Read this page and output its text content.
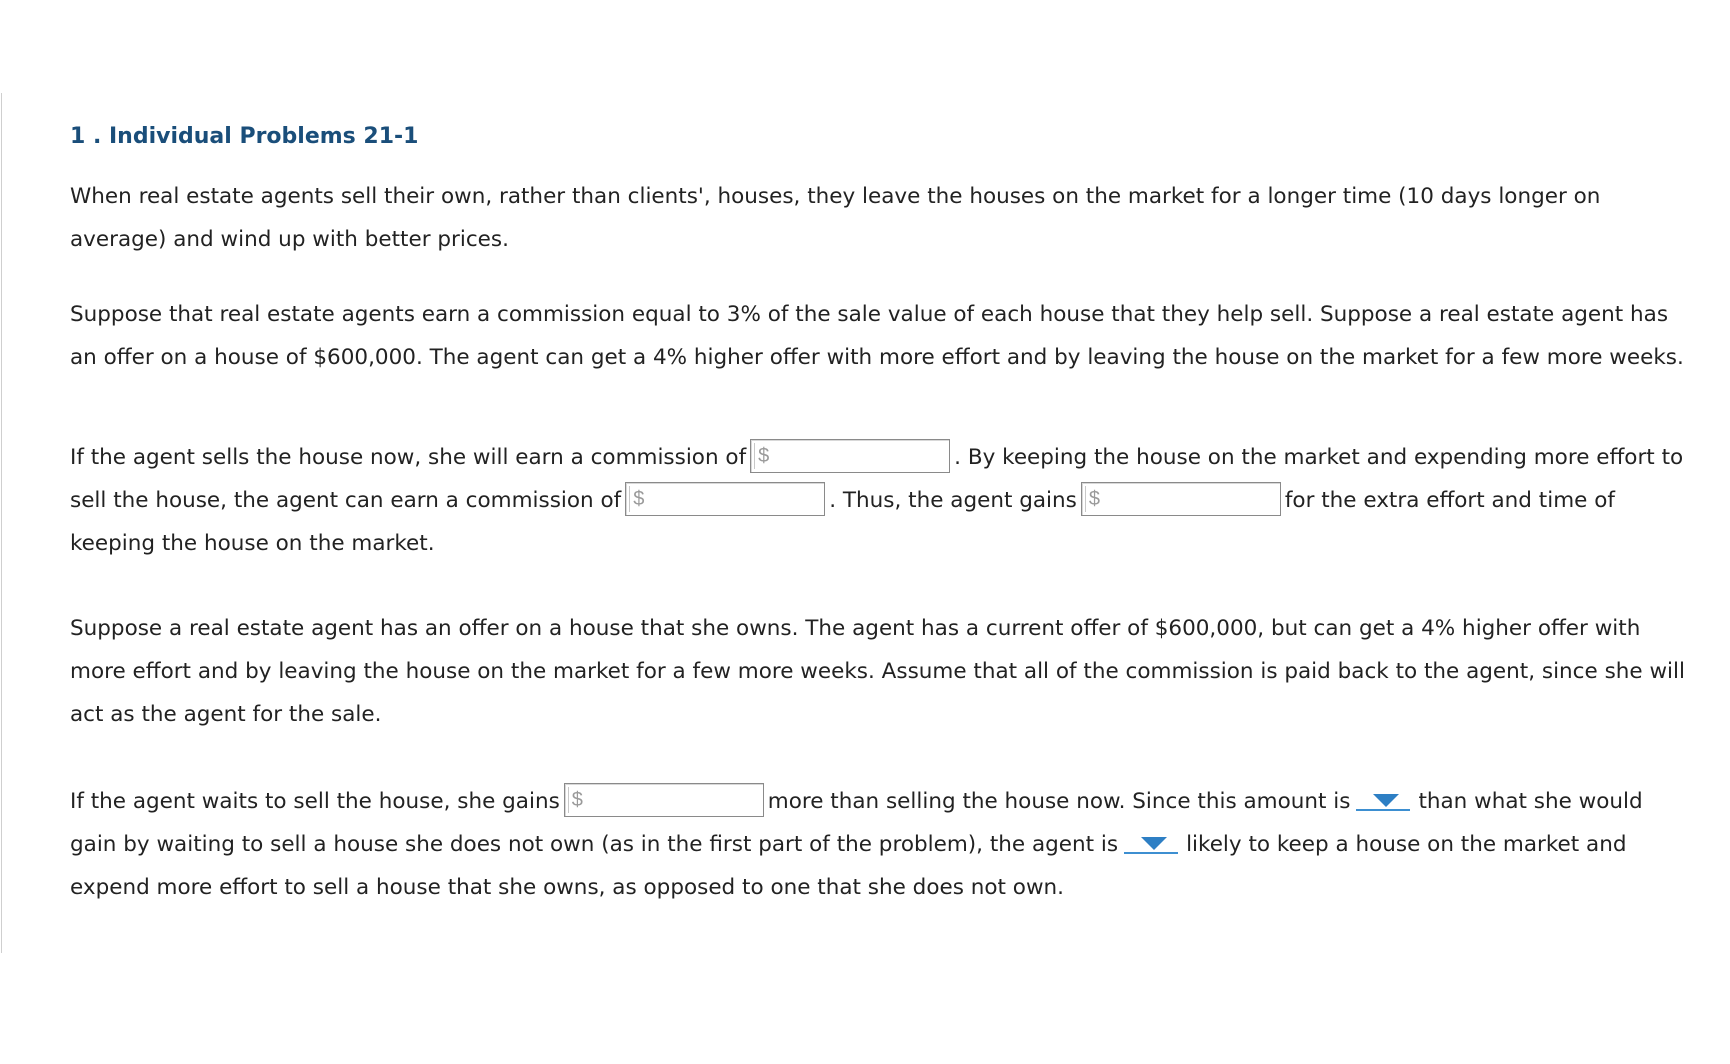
1 . Individual Problems 21-1
When real estate agents sell their own, rather than clients', houses, they leave the houses on the market for a longer time (10 days longer on
average) and wind up with better prices.
Suppose that real estate agents earn a commission equal to 3% of the sale value of each house that they help sell. Suppose a real estate agent has
an offer on a house of $600,000. The agent can get a 4% higher offer with more effort and by leaving the house on the market for a few more weeks.
If the agent sells the house now, she will earn a commission of $	. By keeping the house on the market and expending more effort to
sell the house, the agent can earn a commission of $	. Thus, the agent gains $	for the extra effort and time of
keeping the house on the market.
Suppose a real estate agent has an offer on a house that she owns. The agent has a current offer of $600,000, but can get a 4% higher offer with
more effort and by leaving the house on the market for a few more weeks. Assume that all of the commission is paid back to the agent, since she will
act as the agent for the sale.
If the agent waits to sell the house, she gains $	more than selling the house now. Since this amount is	than what she would
gain by waiting to sell a house she does not own (as in the first part of the problem), the agent is	likely to keep a house on the market and
expend more effort to sell a house that she owns, as opposed to one that she does not own.
